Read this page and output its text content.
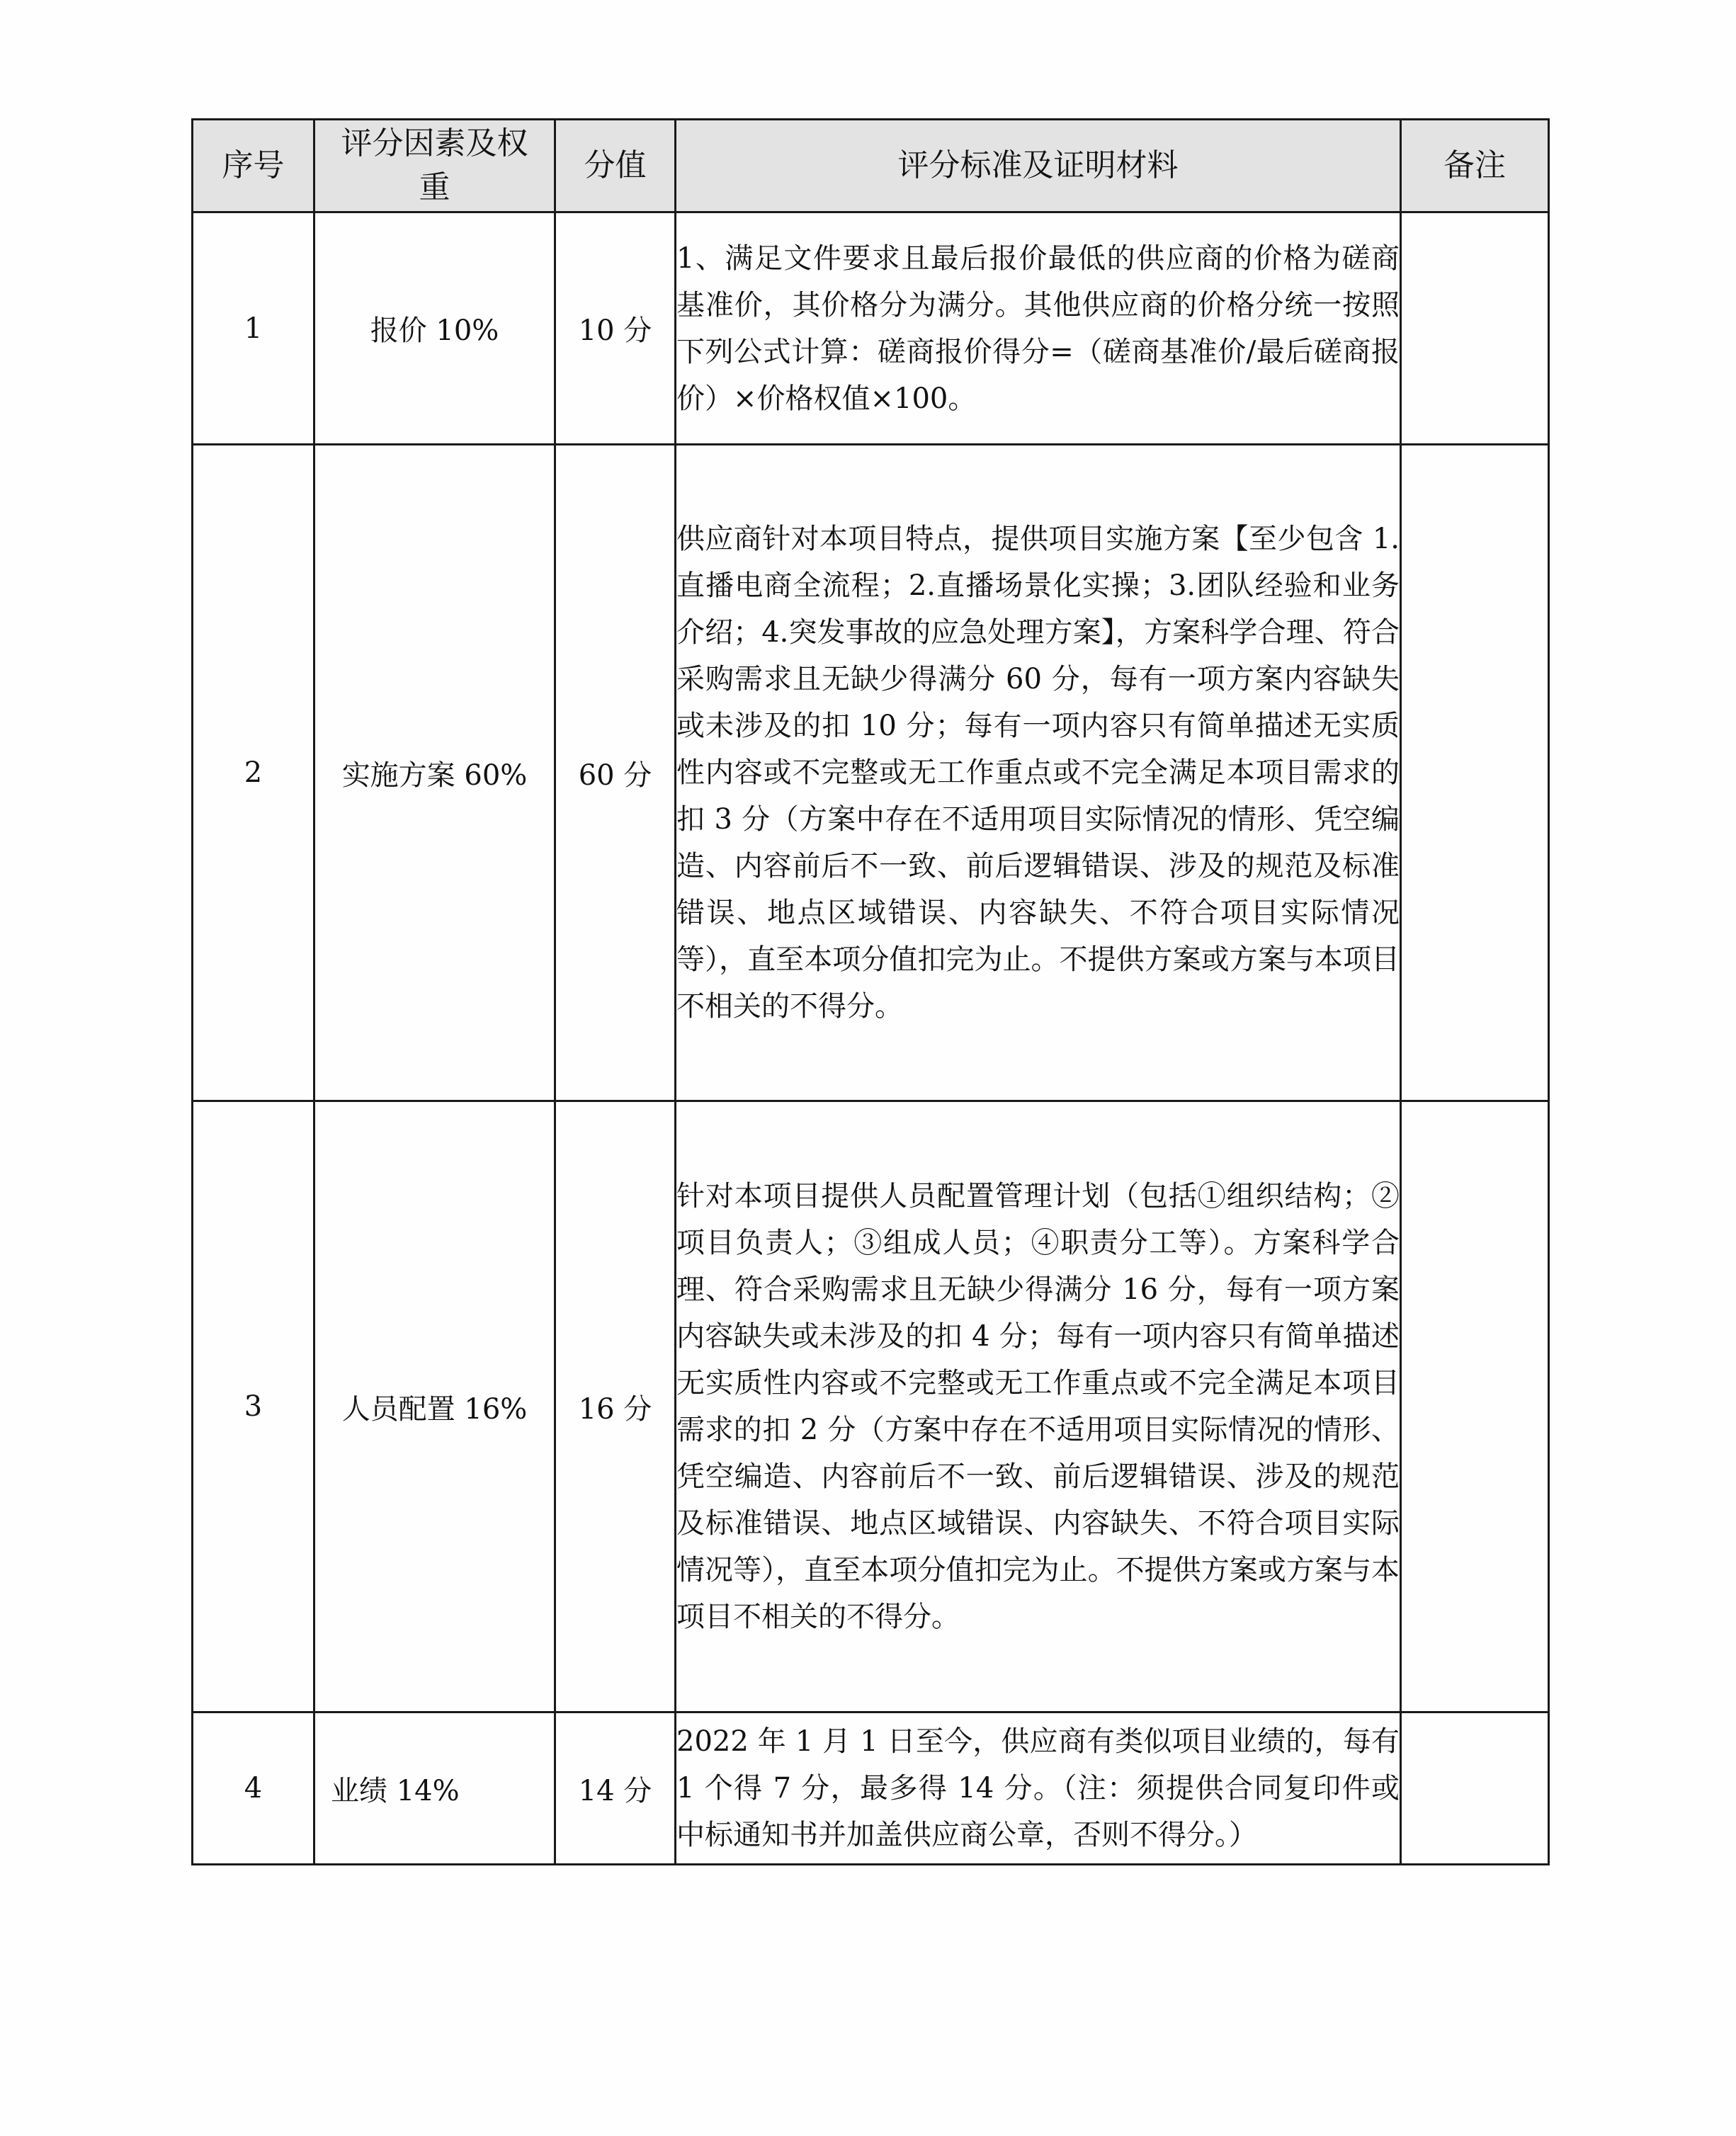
序号	评分因素及权重	分值	评分标准及证明材料	备注
1	报价 10%	10 分	1、满足文件要求且最后报价最低的供应商的价格为磋商基准价，其价格分为满分。其他供应商的价格分统一按照下列公式计算：磋商报价得分=（磋商基准价/最后磋商报价）×价格权值×100。	
2	实施方案 60%	60 分	供应商针对本项目特点，提供项目实施方案【至少包含 1.直播电商全流程；2.直播场景化实操；3.团队经验和业务介绍；4.突发事故的应急处理方案】，方案科学合理、符合采购需求且无缺少得满分 60 分，每有一项方案内容缺失或未涉及的扣 10 分；每有一项内容只有简单描述无实质性内容或不完整或无工作重点或不完全满足本项目需求的扣 3 分（方案中存在不适用项目实际情况的情形、凭空编造、内容前后不一致、前后逻辑错误、涉及的规范及标准错误、地点区域错误、内容缺失、不符合项目实际情况等），直至本项分值扣完为止。不提供方案或方案与本项目不相关的不得分。	
3	人员配置 16%	16 分	针对本项目提供人员配置管理计划（包括①组织结构；②项目负责人；③组成人员；④职责分工等）。方案科学合理、符合采购需求且无缺少得满分 16 分，每有一项方案内容缺失或未涉及的扣 4 分；每有一项内容只有简单描述无实质性内容或不完整或无工作重点或不完全满足本项目需求的扣 2 分（方案中存在不适用项目实际情况的情形、凭空编造、内容前后不一致、前后逻辑错误、涉及的规范及标准错误、地点区域错误、内容缺失、不符合项目实际情况等），直至本项分值扣完为止。不提供方案或方案与本项目不相关的不得分。	
4	业绩 14%	14 分	2022 年 1 月 1 日至今，供应商有类似项目业绩的，每有 1 个得 7 分，最多得 14 分。（注：须提供合同复印件或中标通知书并加盖供应商公章，否则不得分。）	
